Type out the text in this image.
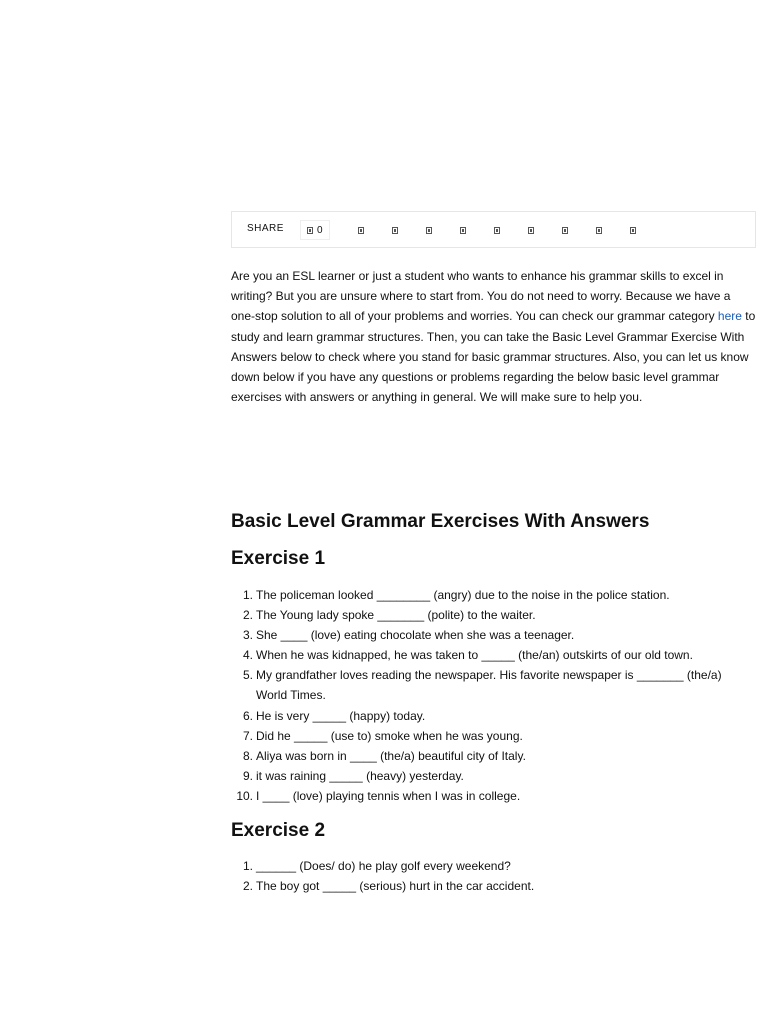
SHARE	0

Are you an ESL learner or just a student who wants to enhance his grammar skills to excel in writing? But you are unsure where to start from. You do not need to worry. Because we have a one-stop solution to all of your problems and worries. You can check our grammar category here to study and learn grammar structures. Then, you can take the Basic Level Grammar Exercise With Answers below to check where you stand for basic grammar structures. Also, you can let us know down below if you have any questions or problems regarding the below basic level grammar exercises with answers or anything in general. We will make sure to help you.

Basic Level Grammar Exercises With Answers
Exercise 1
1. The policeman looked ________ (angry) due to the noise in the police station.
2. The Young lady spoke _______ (polite) to the waiter.
3. She ____ (love) eating chocolate when she was a teenager.
4. When he was kidnapped, he was taken to _____ (the/an) outskirts of our old town.
5. My grandfather loves reading the newspaper. His favorite newspaper is _______ (the/a) World Times.
6. He is very _____ (happy) today.
7. Did he _____ (use to) smoke when he was young.
8. Aliya was born in ____ (the/a) beautiful city of Italy.
9. it was raining _____ (heavy) yesterday.
10. I ____ (love) playing tennis when I was in college.
Exercise 2
1. ______ (Does/ do) he play golf every weekend?
2. The boy got _____ (serious) hurt in the car accident.
